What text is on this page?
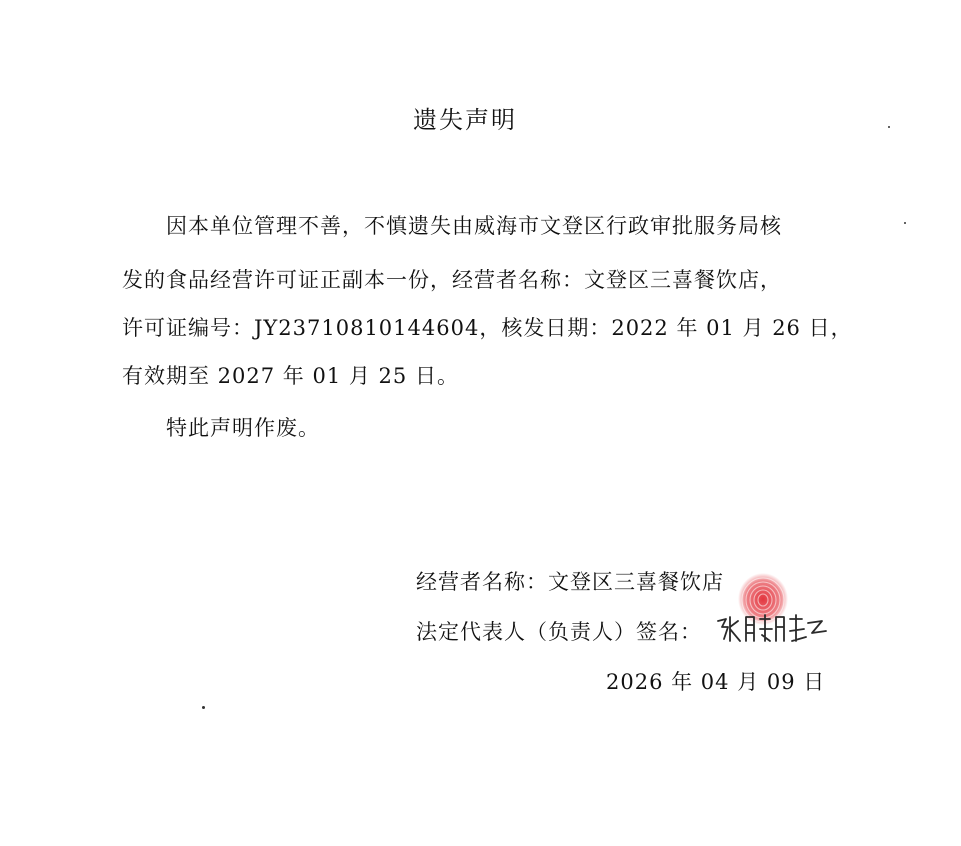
遗失声明
因本单位管理不善，不慎遗失由威海市文登区行政审批服务局核
发的食品经营许可证正副本一份，经营者名称：文登区三喜餐饮店，
许可证编号：JY23710810144604，核发日期：2022 年 01 月 26 日，
有效期至 2027 年 01 月 25 日。
特此声明作废。
经营者名称：文登区三喜餐饮店
法定代表人（负责人）签名：
2026 年 04 月 09 日
